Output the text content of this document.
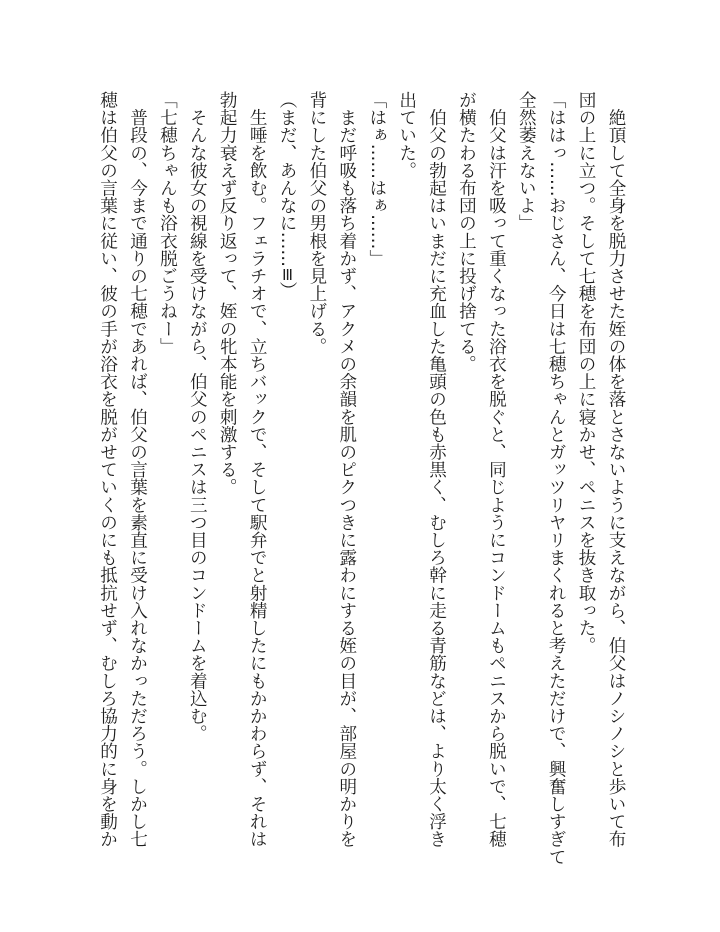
　絶頂して全身を脱力させた姪の体を落とさないように支えながら、伯父はノシノシと歩いて布
団の上に立つ。そして七穂を布団の上に寝かせ、ペニスを抜き取った。
「ははっ……おじさん、今日は七穂ちゃんとガッツリヤリまくれると考えただけで、興奮しすぎて
全然萎えないよ」
　伯父は汗を吸って重くなった浴衣を脱ぐと、同じようにコンドームもペニスから脱いで、七穂
が横たわる布団の上に投げ捨てる。
　伯父の勃起はいまだに充血した亀頭の色も赤黒く、むしろ幹に走る青筋などは、より太く浮き
出ていた。
「はぁ……はぁ……」
　まだ呼吸も落ち着かず、アクメの余韻を肌のピクつきに露わにする姪の目が、部屋の明かりを
背にした伯父の男根を見上げる。
（まだ、あんなに……≡）
　生唾を飲む。フェラチオで、立ちバックで、そして駅弁でと射精したにもかかわらず、それは
勃起力衰えず反り返って、姪の牝本能を刺激する。
　そんな彼女の視線を受けながら、伯父のペニスは三つ目のコンドームを着込む。
「七穂ちゃんも浴衣脱ごうねー」
　普段の、今まで通りの七穂であれば、伯父の言葉を素直に受け入れなかっただろう。しかし七
穂は伯父の言葉に従い、彼の手が浴衣を脱がせていくのにも抵抗せず、むしろ協力的に身を動か
